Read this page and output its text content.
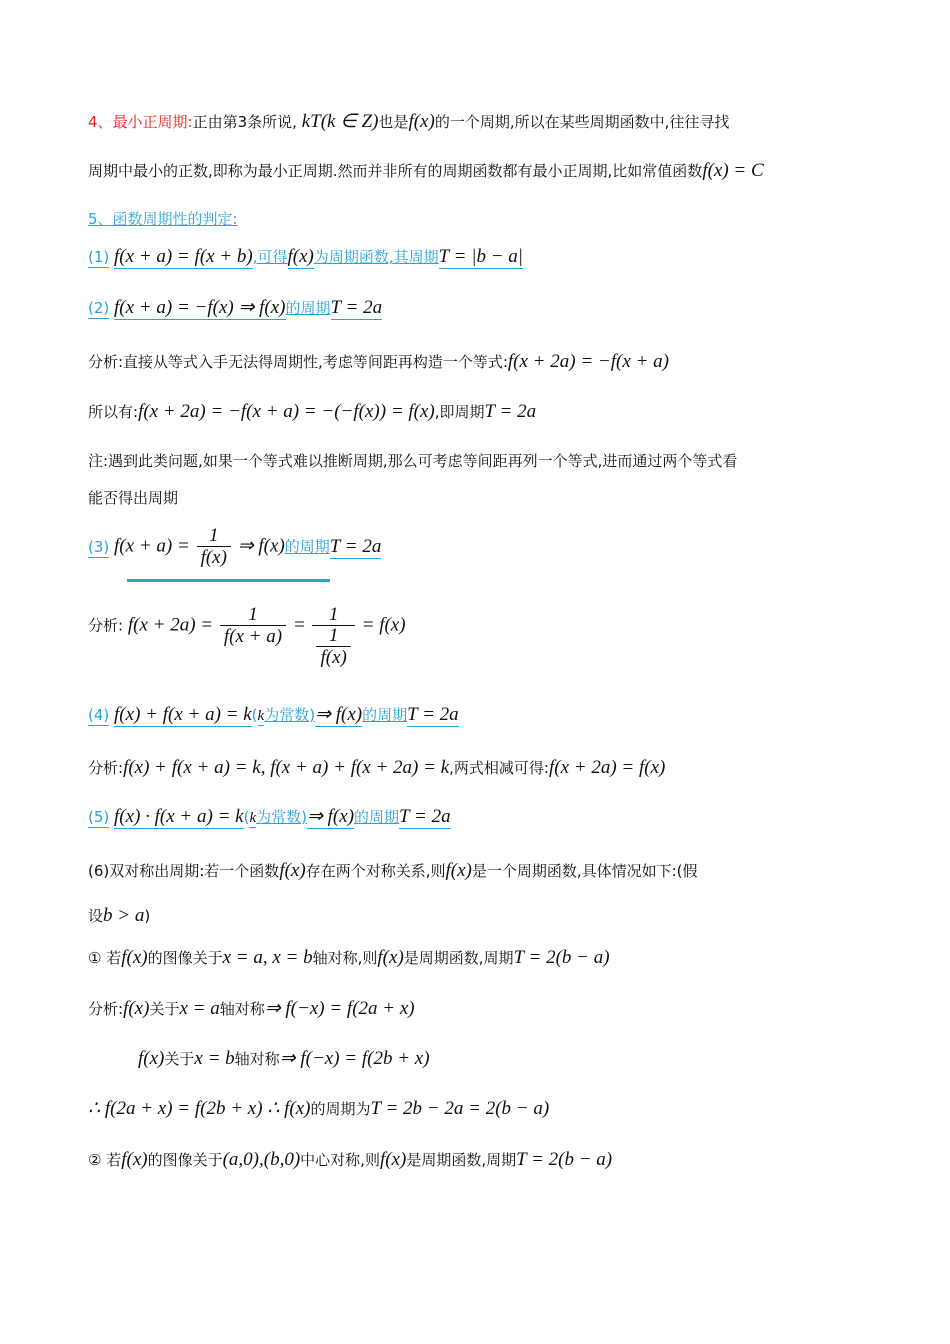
4、最小正周期:正由第3条所说, kT(k ∈ Z)也是f(x)的一个周期,所以在某些周期函数中,往往寻找
周期中最小的正数,即称为最小正周期.然而并非所有的周期函数都有最小正周期,比如常值函数f(x) = C
5、函数周期性的判定:
(1) f(x + a) = f(x + b),可得f(x)为周期函数,其周期T = |b − a|
(2) f(x + a) = −f(x) ⇒ f(x)的周期T = 2a
分析:直接从等式入手无法得周期性,考虑等间距再构造一个等式:f(x + 2a) = −f(x + a)
所以有:f(x + 2a) = −f(x + a) = −(−f(x)) = f(x),即周期T = 2a
注:遇到此类问题,如果一个等式难以推断周期,那么可考虑等间距再列一个等式,进而通过两个等式看
能否得出周期
(3) $f(x + a) = \frac{1}{f(x)}$ ⇒ f(x)的周期T = 2a
分析: $f(x + 2a) = \frac{1}{f(x + a)} = \frac{1}{\frac{1}{f(x)}} = f(x)$
(4) f(x) + f(x + a) = k(k为常数)⇒ f(x)的周期T = 2a
分析:f(x) + f(x + a) = k, f(x + a) + f(x + 2a) = k,两式相减可得:f(x + 2a) = f(x)
(5) f(x) · f(x + a) = k(k为常数)⇒ f(x)的周期T = 2a
(6)双对称出周期:若一个函数f(x)存在两个对称关系,则f(x)是一个周期函数,具体情况如下:(假
设b > a)
① 若f(x)的图像关于x = a, x = b轴对称,则f(x)是周期函数,周期T = 2(b − a)
分析:f(x)关于x = a轴对称⇒ f(−x) = f(2a + x)
f(x)关于x = b轴对称⇒ f(−x) = f(2b + x)
∴ f(2a + x) = f(2b + x) ∴ f(x)的周期为T = 2b − 2a = 2(b − a)
② 若f(x)的图像关于(a,0),(b,0)中心对称,则f(x)是周期函数,周期T = 2(b − a)
